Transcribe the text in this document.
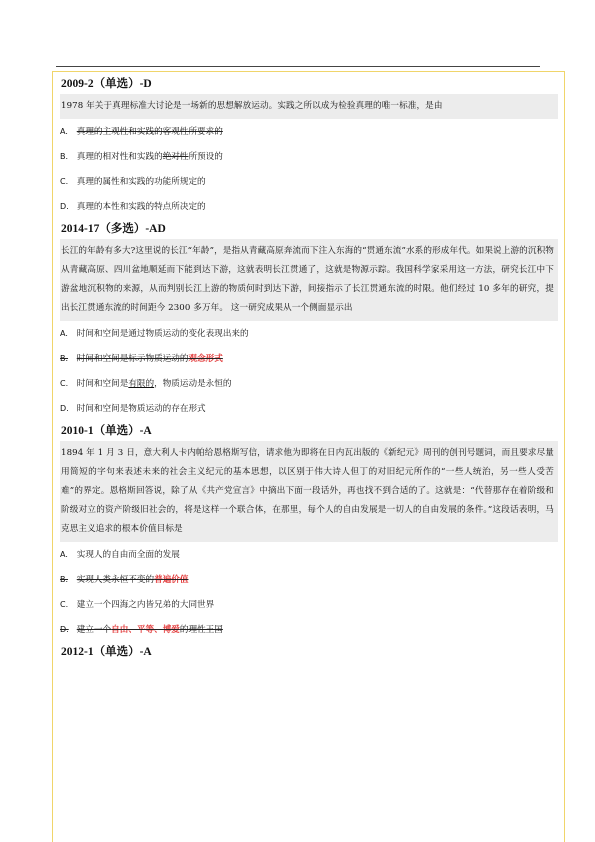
2009-2（单选）-D

1978 年关于真理标准大讨论是一场新的思想解放运动。实践之所以成为检验真理的唯一标准，是由

A. 真理的主观性和实践的客观性所要求的
B. 真理的相对性和实践的绝对性所预设的
C. 真理的属性和实践的功能所规定的
D. 真理的本性和实践的特点所决定的
2014-17（多选）-AD

长江的年龄有多大?这里说的长江“年龄”，是指从青藏高原奔流而下注入东海的“贯通东流”水系的形成年代。如果说上游的沉积物从青藏高原、四川盆地顺延而下能到达下游，这就表明长江贯通了，这就是物源示踪。我国科学家采用这一方法，研究长江中下游盆地沉积物的来源，从而判别长江上游的物质何时到达下游，间接指示了长江贯通东流的时限。他们经过 10 多年的研究，提出长江贯通东流的时间距今 2300 多万年。 这一研究成果从一个侧面显示出

A. 时间和空间是通过物质运动的变化表现出来的
B. 时间和空间是标示物质运动的观念形式
C. 时间和空间是有限的，物质运动是永恒的
D. 时间和空间是物质运动的存在形式
2010-1（单选）-A

1894 年 1 月 3 日，意大利人卡内帕给恩格斯写信，请求他为即将在日内瓦出版的《新纪元》周刊的创刊号题词，而且要求尽量用简短的字句来表述未来的社会主义纪元的基本思想，以区别于伟大诗人但丁的对旧纪元所作的“一些人统治，另一些人受苦难”的界定。恩格斯回答说，除了从《共产党宣言》中摘出下面一段话外，再也找不到合适的了。这就是：“代替那存在着阶级和阶级对立的资产阶级旧社会的，将是这样一个联合体，在那里，每个人的自由发展是一切人的自由发展的条件。”这段话表明，马克思主义追求的根本价值目标是

A. 实现人的自由而全面的发展
B. 实现人类永恒不变的普遍价值
C. 建立一个四海之内皆兄弟的大同世界
D. 建立一个自由、平等、博爱的理性王国
2012-1（单选）-A
